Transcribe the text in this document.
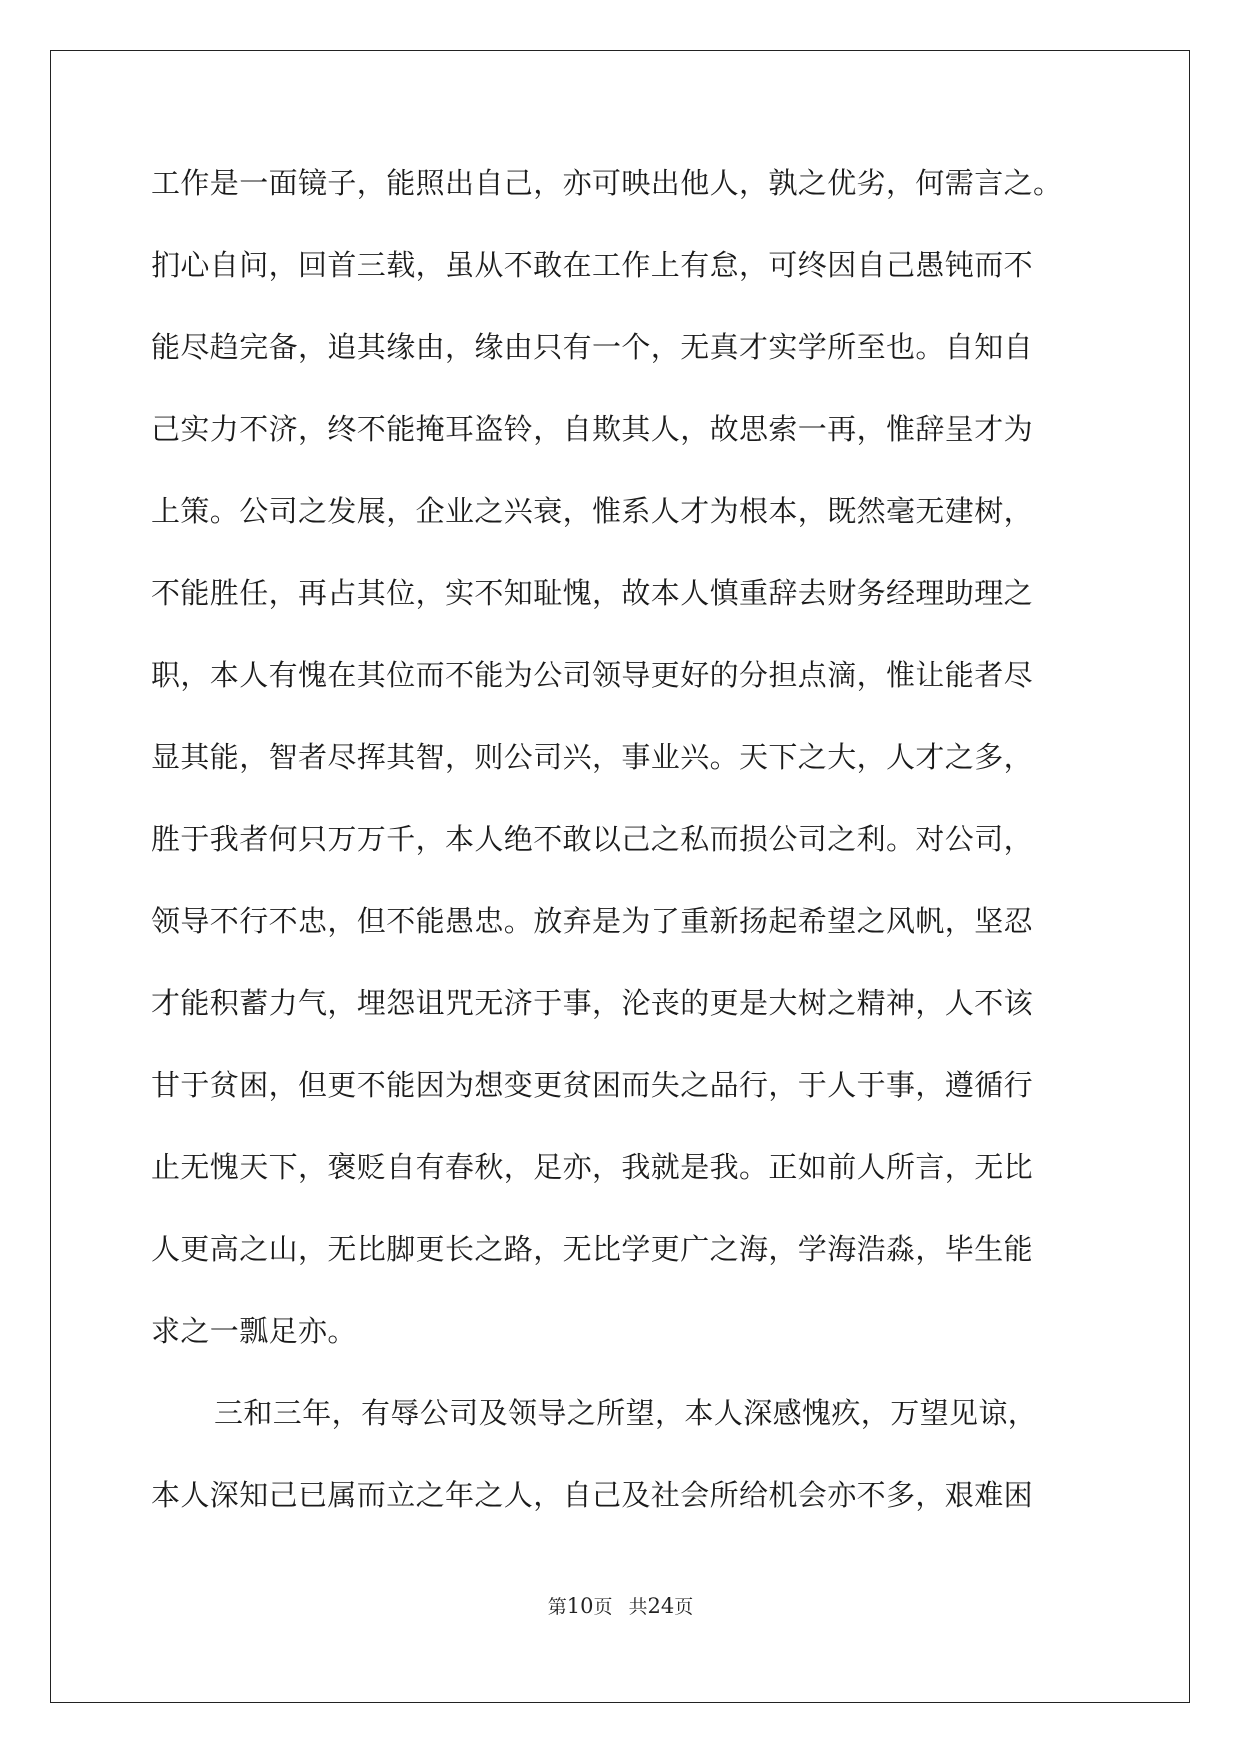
工作是一面镜子，能照出自己，亦可映出他人，孰之优劣，何需言之。
扪心自问，回首三载，虽从不敢在工作上有怠，可终因自己愚钝而不
能尽趋完备，追其缘由，缘由只有一个，无真才实学所至也。自知自
己实力不济，终不能掩耳盗铃，自欺其人，故思索一再，惟辞呈才为
上策。公司之发展，企业之兴衰，惟系人才为根本，既然毫无建树，
不能胜任，再占其位，实不知耻愧，故本人慎重辞去财务经理助理之
职，本人有愧在其位而不能为公司领导更好的分担点滴，惟让能者尽
显其能，智者尽挥其智，则公司兴，事业兴。天下之大，人才之多，
胜于我者何只万万千，本人绝不敢以己之私而损公司之利。对公司，
领导不行不忠，但不能愚忠。放弃是为了重新扬起希望之风帆，坚忍
才能积蓄力气，埋怨诅咒无济于事，沦丧的更是大树之精神，人不该
甘于贫困，但更不能因为想变更贫困而失之品行，于人于事，遵循行
止无愧天下，褒贬自有春秋，足亦，我就是我。正如前人所言，无比
人更高之山，无比脚更长之路，无比学更广之海，学海浩淼，毕生能
求之一瓢足亦。
三和三年，有辱公司及领导之所望，本人深感愧疚，万望见谅，
本人深知己已属而立之年之人，自己及社会所给机会亦不多，艰难困
第10页 共24页
